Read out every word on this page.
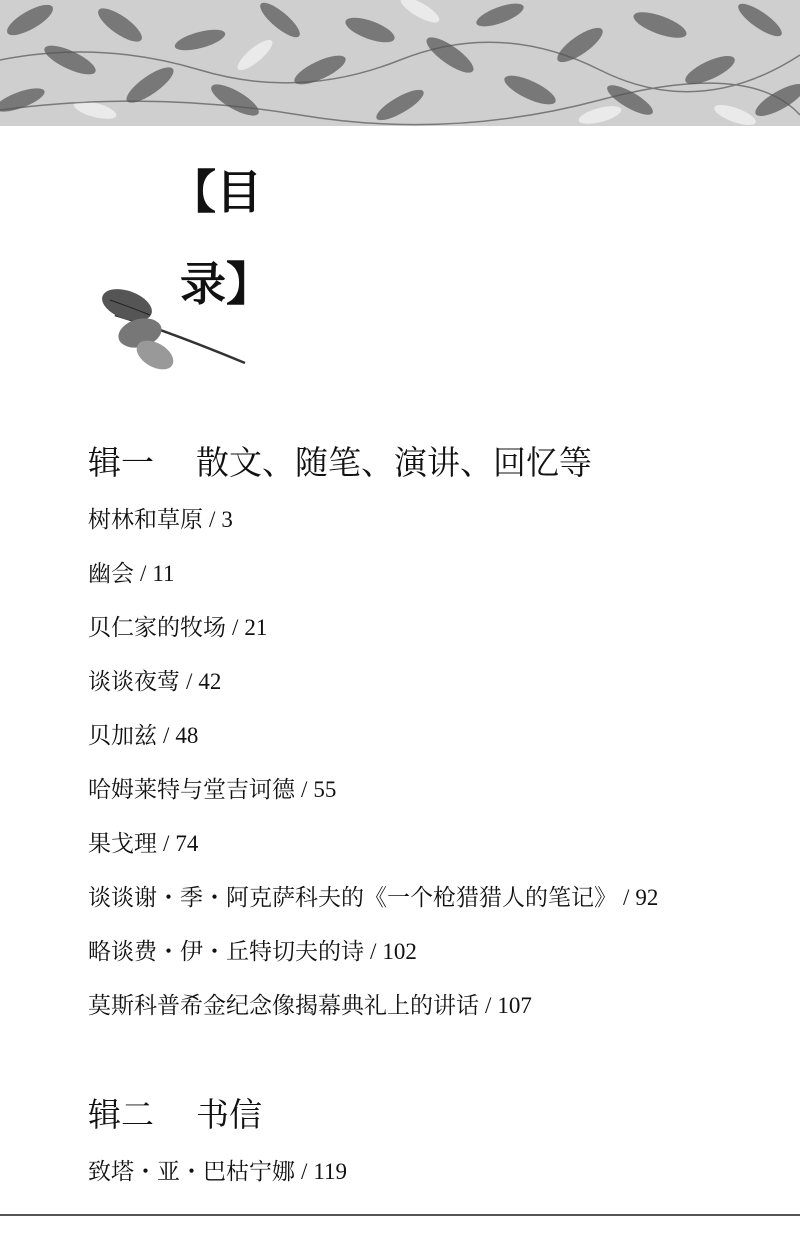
【目
录】
辑一 散文、随笔、演讲、回忆等
树林和草原 / 3
幽会 / 11
贝仁家的牧场 / 21
谈谈夜莺 / 42
贝加兹 / 48
哈姆莱特与堂吉诃德 / 55
果戈理 / 74
谈谈谢・季・阿克萨科夫的《一个枪猎猎人的笔记》 / 92
略谈费・伊・丘特切夫的诗 / 102
莫斯科普希金纪念像揭幕典礼上的讲话 / 107
辑二 书信
致塔・亚・巴枯宁娜 / 119
